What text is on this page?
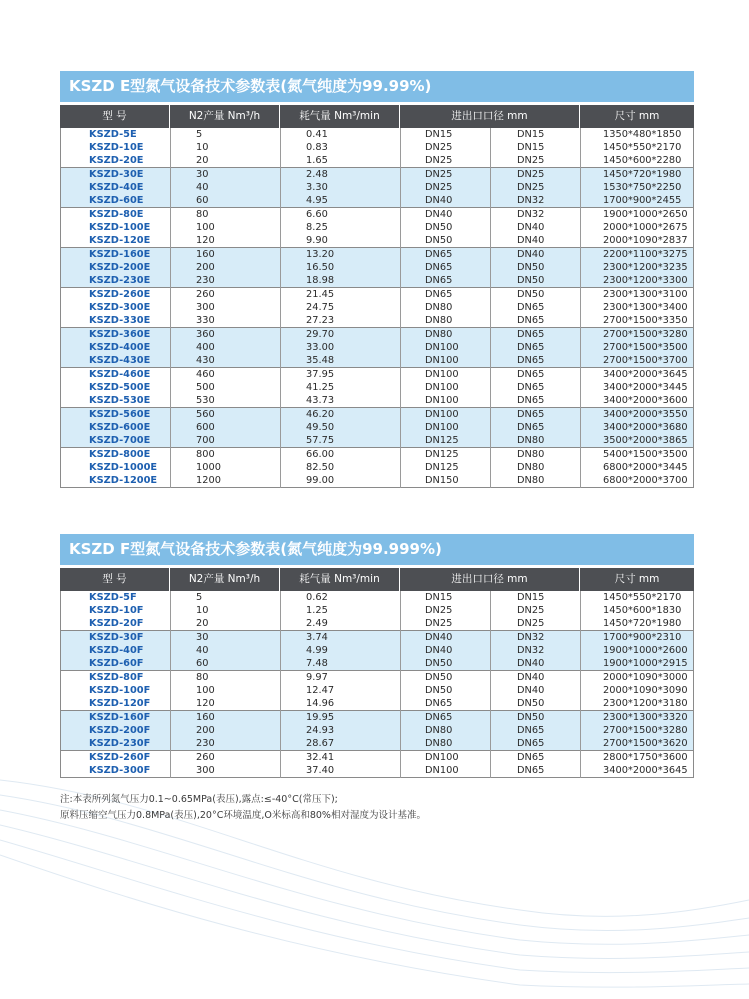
KSZD E型氮气设备技术参数表(氮气纯度为99.99%)
型 号	N2产量 Nm³/h	耗气量 Nm³/min	进出口口径 mm	尺寸 mm
KSZD-5E	5	0.41	DN15	DN15	1350*480*1850
KSZD-10E	10	0.83	DN25	DN15	1450*550*2170
KSZD-20E	20	1.65	DN25	DN25	1450*600*2280
KSZD-30E	30	2.48	DN25	DN25	1450*720*1980
KSZD-40E	40	3.30	DN25	DN25	1530*750*2250
KSZD-60E	60	4.95	DN40	DN32	1700*900*2455
KSZD-80E	80	6.60	DN40	DN32	1900*1000*2650
KSZD-100E	100	8.25	DN50	DN40	2000*1000*2675
KSZD-120E	120	9.90	DN50	DN40	2000*1090*2837
KSZD-160E	160	13.20	DN65	DN40	2200*1100*3275
KSZD-200E	200	16.50	DN65	DN50	2300*1200*3235
KSZD-230E	230	18.98	DN65	DN50	2300*1200*3300
KSZD-260E	260	21.45	DN65	DN50	2300*1300*3100
KSZD-300E	300	24.75	DN80	DN65	2300*1300*3400
KSZD-330E	330	27.23	DN80	DN65	2700*1500*3350
KSZD-360E	360	29.70	DN80	DN65	2700*1500*3280
KSZD-400E	400	33.00	DN100	DN65	2700*1500*3500
KSZD-430E	430	35.48	DN100	DN65	2700*1500*3700
KSZD-460E	460	37.95	DN100	DN65	3400*2000*3645
KSZD-500E	500	41.25	DN100	DN65	3400*2000*3445
KSZD-530E	530	43.73	DN100	DN65	3400*2000*3600
KSZD-560E	560	46.20	DN100	DN65	3400*2000*3550
KSZD-600E	600	49.50	DN100	DN65	3400*2000*3680
KSZD-700E	700	57.75	DN125	DN80	3500*2000*3865
KSZD-800E	800	66.00	DN125	DN80	5400*1500*3500
KSZD-1000E	1000	82.50	DN125	DN80	6800*2000*3445
KSZD-1200E	1200	99.00	DN150	DN80	6800*2000*3700
KSZD F型氮气设备技术参数表(氮气纯度为99.999%)
型 号	N2产量 Nm³/h	耗气量 Nm³/min	进出口口径 mm	尺寸 mm
KSZD-5F	5	0.62	DN15	DN15	1450*550*2170
KSZD-10F	10	1.25	DN25	DN25	1450*600*1830
KSZD-20F	20	2.49	DN25	DN25	1450*720*1980
KSZD-30F	30	3.74	DN40	DN32	1700*900*2310
KSZD-40F	40	4.99	DN40	DN32	1900*1000*2600
KSZD-60F	60	7.48	DN50	DN40	1900*1000*2915
KSZD-80F	80	9.97	DN50	DN40	2000*1090*3000
KSZD-100F	100	12.47	DN50	DN40	2000*1090*3090
KSZD-120F	120	14.96	DN65	DN50	2300*1200*3180
KSZD-160F	160	19.95	DN65	DN50	2300*1300*3320
KSZD-200F	200	24.93	DN80	DN65	2700*1500*3280
KSZD-230F	230	28.67	DN80	DN65	2700*1500*3620
KSZD-260F	260	32.41	DN100	DN65	2800*1750*3600
KSZD-300F	300	37.40	DN100	DN65	3400*2000*3645
注:本表所列氮气压力0.1~0.65MPa(表压),露点:≤-40°C(常压下);
原料压缩空气压力0.8MPa(表压),20°C环境温度,O米标高和80%相对湿度为设计基准。
